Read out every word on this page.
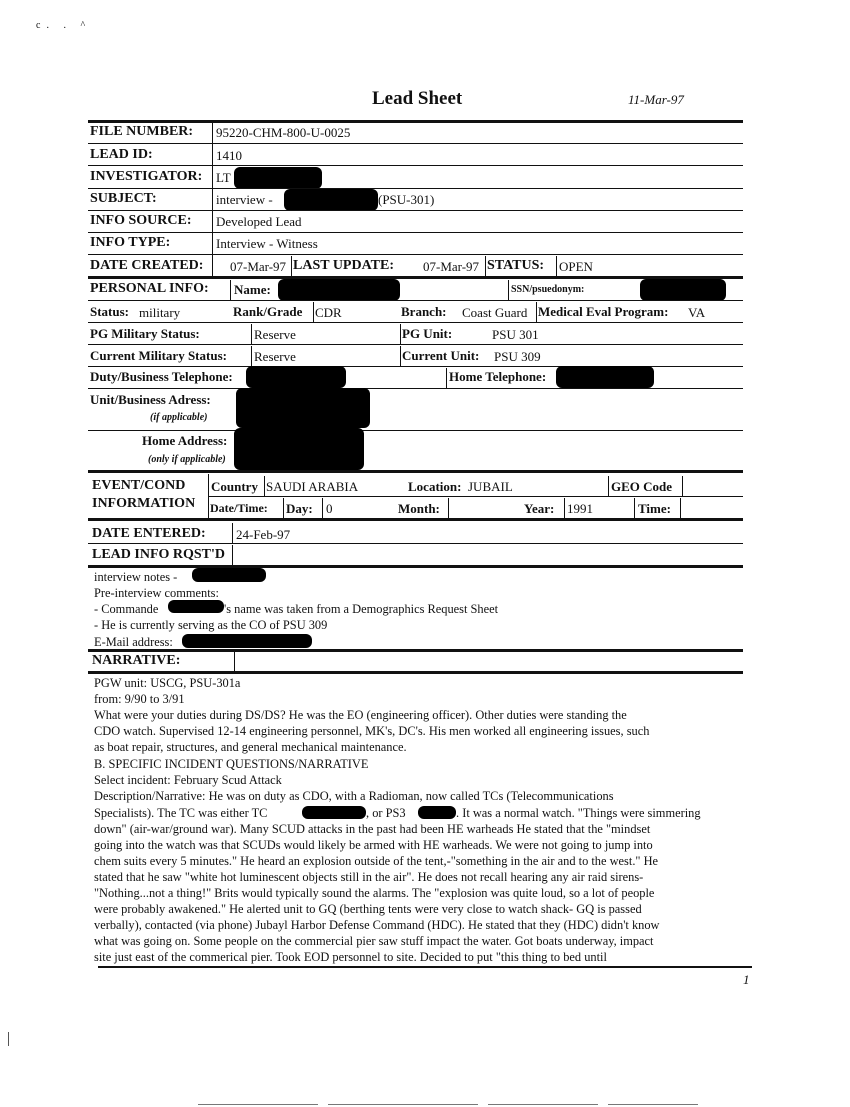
c. . ^
Lead Sheet	11-Mar-97
FILE NUMBER: 95220-CHM-800-U-0025
LEAD ID:	1410
INVESTIGATOR: LT
SUBJECT:	interview -	(PSU-301)
INFO SOURCE: Developed Lead
INFO TYPE:	Interview - Witness
DATE CREATED: 07-Mar-97 LAST UPDATE: 07-Mar-97 STATUS: OPEN
PERSONAL INFO: Name:	SSN/psuedonym:
Status: military	Rank/Grade CDR	Branch: Coast Guard Medical Eval Program: VA
PG Military Status:	Reserve	PG Unit:	PSU 301
Current Military Status: Reserve	Current Unit: PSU 309
Duty/Business Telephone:	Home Telephone:
Unit/Business Adress:
(if applicable)
Home Address:
(only if applicable)
EVENT/COND
INFORMATION
Country SAUDI ARABIA	Location: JUBAIL	GEO Code
Date/Time: Day: 0	Month:	Year: 1991	Time:
DATE ENTERED: 24-Feb-97
LEAD INFO RQST'D
interview notes -
Pre-interview comments:
- Commande	's name was taken from a Demographics Request Sheet
- He is currently serving as the CO of PSU 309
E-Mail address:
NARRATIVE:
PGW unit: USCG, PSU-301a
from: 9/90 to 3/91
What were your duties during DS/DS? He was the EO (engineering officer). Other duties were standing the
CDO watch. Supervised 12-14 engineering personnel, MK's, DC's. His men worked all engineering issues, such
as boat repair, structures, and general mechanical maintenance.
B. SPECIFIC INCIDENT QUESTIONS/NARRATIVE
Select incident: February Scud Attack
Description/Narrative: He was on duty as CDO, with a Radioman, now called TCs (Telecommunications
Specialists). The TC was either TC	, or PS3	. It was a normal watch. "Things were simmering
down" (air-war/ground war). Many SCUD attacks in the past had been HE warheads He stated that the "mindset
going into the watch was that SCUDs would likely be armed with HE warheads. We were not going to jump into
chem suits every 5 minutes." He heard an explosion outside of the tent,-"something in the air and to the west." He
stated that he saw "white hot luminescent objects still in the air". He does not recall hearing any air raid sirens-
"Nothing...not a thing!" Brits would typically sound the alarms. The "explosion was quite loud, so a lot of people
were probably awakened." He alerted unit to GQ (berthing tents were very close to watch shack- GQ is passed
verbally), contacted (via phone) Jubayl Harbor Defense Command (HDC). He stated that they (HDC) didn't know
what was going on. Some people on the commercial pier saw stuff impact the water. Got boats underway, impact
site just east of the commerical pier. Took EOD personnel to site. Decided to put "this thing to bed until
1
